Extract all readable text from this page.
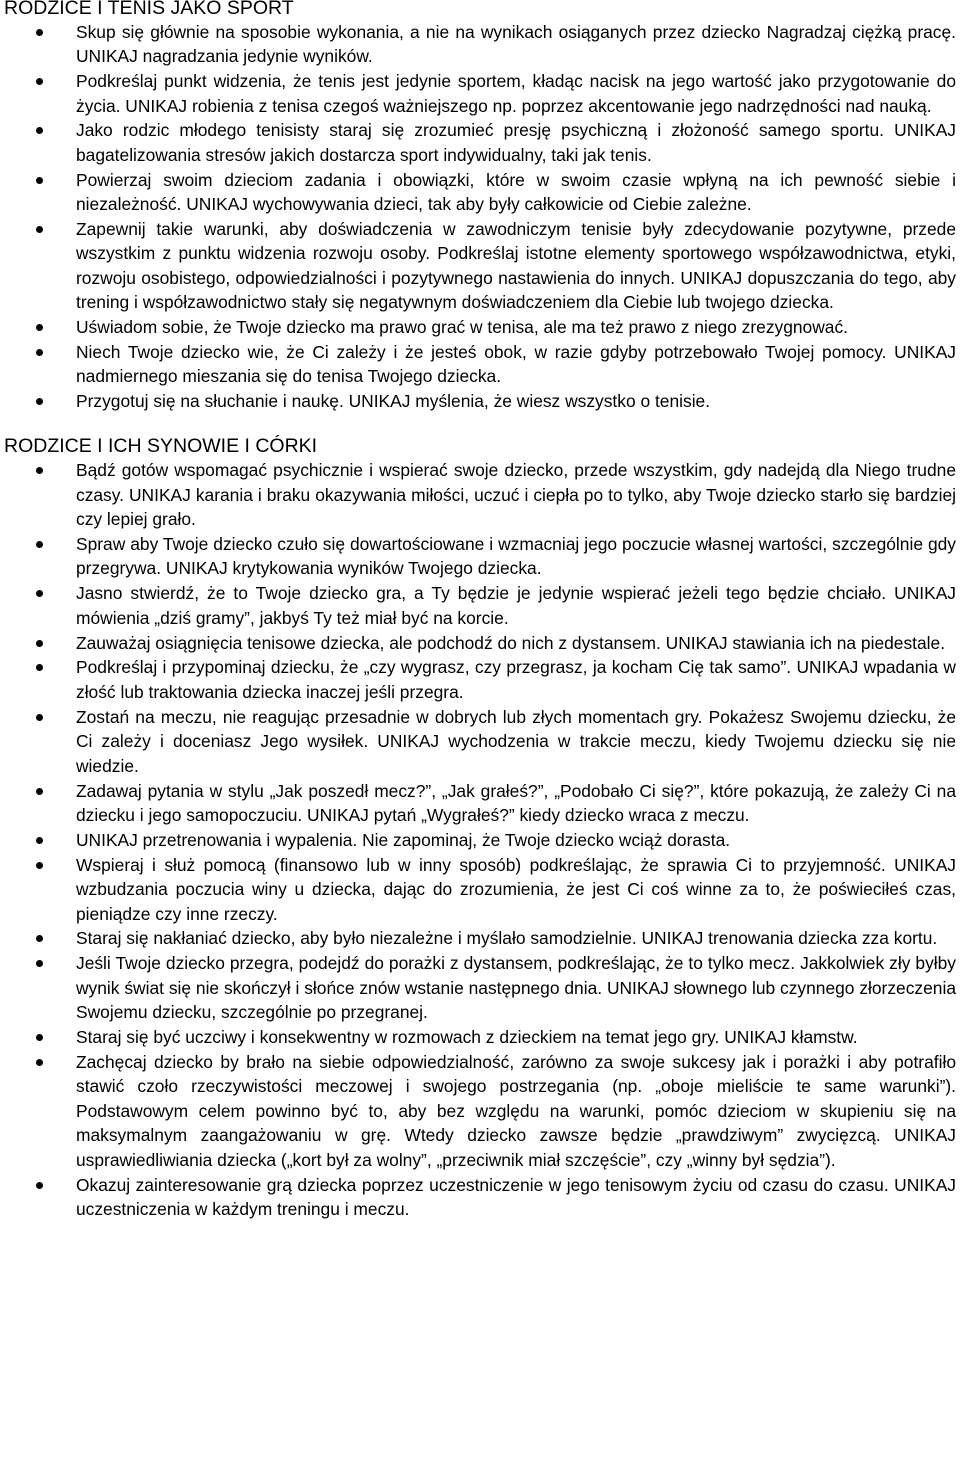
RODZICE I TENIS JAKO SPORT
Skup się głównie na sposobie wykonania, a nie na wynikach osiąganych przez dziecko Nagradzaj ciężką pracę. UNIKAJ nagradzania jedynie wyników.
Podkreślaj punkt widzenia, że tenis jest jedynie sportem, kładąc nacisk na jego wartość jako przygotowanie do życia. UNIKAJ robienia z tenisa czegoś ważniejszego np. poprzez akcentowanie jego nadrzędności nad nauką.
Jako rodzic młodego tenisisty staraj się zrozumieć presję psychiczną i złożoność samego sportu. UNIKAJ bagatelizowania stresów jakich dostarcza sport indywidualny, taki jak tenis.
Powierzaj swoim dzieciom zadania i obowiązki, które w swoim czasie wpłyną na ich pewność siebie i niezależność. UNIKAJ wychowywania dzieci, tak aby były całkowicie od Ciebie zależne.
Zapewnij takie warunki, aby doświadczenia w zawodniczym tenisie były zdecydowanie pozytywne, przede wszystkim z punktu widzenia rozwoju osoby. Podkreślaj istotne elementy sportowego współzawodnictwa, etyki, rozwoju osobistego, odpowiedzialności i pozytywnego nastawienia do innych. UNIKAJ dopuszczania do tego, aby trening i współzawodnictwo stały się negatywnym doświadczeniem dla Ciebie lub twojego dziecka.
Uświadom sobie, że Twoje dziecko ma prawo grać w tenisa, ale ma też prawo z niego zrezygnować.
Niech Twoje dziecko wie, że Ci zależy i że jesteś obok, w razie gdyby potrzebowało Twojej pomocy. UNIKAJ nadmiernego mieszania się do tenisa Twojego dziecka.
Przygotuj się na słuchanie i naukę. UNIKAJ myślenia, że wiesz wszystko o tenisie.
RODZICE I ICH SYNOWIE I CÓRKI
Bądź gotów wspomagać psychicznie i wspierać swoje dziecko, przede wszystkim, gdy nadejdą dla Niego trudne czasy. UNIKAJ karania i braku okazywania miłości, uczuć i ciepła po to tylko, aby Twoje dziecko starło się bardziej czy lepiej grało.
Spraw aby Twoje dziecko czuło się dowartościowane i wzmacniaj jego poczucie własnej wartości, szczególnie gdy przegrywa. UNIKAJ krytykowania wyników Twojego dziecka.
Jasno stwierdź, że to Twoje dziecko gra, a Ty będzie je jedynie wspierać jeżeli tego będzie chciało. UNIKAJ mówienia „dziś gramy”, jakbyś Ty też miał być na korcie.
Zauważaj osiągnięcia tenisowe dziecka, ale podchodź do nich z dystansem. UNIKAJ stawiania ich na piedestale.
Podkreślaj i przypominaj dziecku, że „czy wygrasz, czy przegrasz, ja kocham Cię tak samo”. UNIKAJ wpadania w złość lub traktowania dziecka inaczej jeśli przegra.
Zostań na meczu, nie reagując przesadnie w dobrych lub złych momentach gry. Pokażesz Swojemu dziecku, że Ci zależy i doceniasz Jego wysiłek. UNIKAJ wychodzenia w trakcie meczu, kiedy Twojemu dziecku się nie wiedzie.
Zadawaj pytania w stylu „Jak poszedł mecz?”, „Jak grałeś?”, „Podobało Ci się?”, które pokazują, że zależy Ci na dziecku i jego samopoczuciu. UNIKAJ pytań „Wygrałeś?” kiedy dziecko wraca z meczu.
UNIKAJ przetrenowania i wypalenia. Nie zapominaj, że Twoje dziecko wciąż dorasta.
Wspieraj i służ pomocą (finansowo lub w inny sposób) podkreślając, że sprawia Ci to przyjemność. UNIKAJ wzbudzania poczucia winy u dziecka, dając do zrozumienia, że jest Ci coś winne za to, że poświeciłeś czas, pieniądze czy inne rzeczy.
Staraj się nakłaniać dziecko, aby było niezależne i myślało samodzielnie. UNIKAJ trenowania dziecka zza kortu.
Jeśli Twoje dziecko przegra, podejdź do porażki z dystansem, podkreślając, że to tylko mecz. Jakkolwiek zły byłby wynik świat się nie skończył i słońce znów wstanie następnego dnia. UNIKAJ słownego lub czynnego złorzeczenia Swojemu dziecku, szczególnie po przegranej.
Staraj się być uczciwy i konsekwentny w rozmowach z dzieckiem na temat jego gry. UNIKAJ kłamstw.
Zachęcaj dziecko by brało na siebie odpowiedzialność, zarówno za swoje sukcesy jak i porażki i aby potrafiło stawić czoło rzeczywistości meczowej i swojego postrzegania (np. „oboje mieliście te same warunki”). Podstawowym celem powinno być to, aby bez względu na warunki, pomóc dzieciom w skupieniu się na maksymalnym zaangażowaniu w grę. Wtedy dziecko zawsze będzie „prawdziwym” zwycięzcą. UNIKAJ usprawiedliwiania dziecka („kort był za wolny”, „przeciwnik miał szczęście”, czy „winny był sędzia”).
Okazuj zainteresowanie grą dziecka poprzez uczestniczenie w jego tenisowym życiu od czasu do czasu. UNIKAJ uczestniczenia w każdym treningu i meczu.
